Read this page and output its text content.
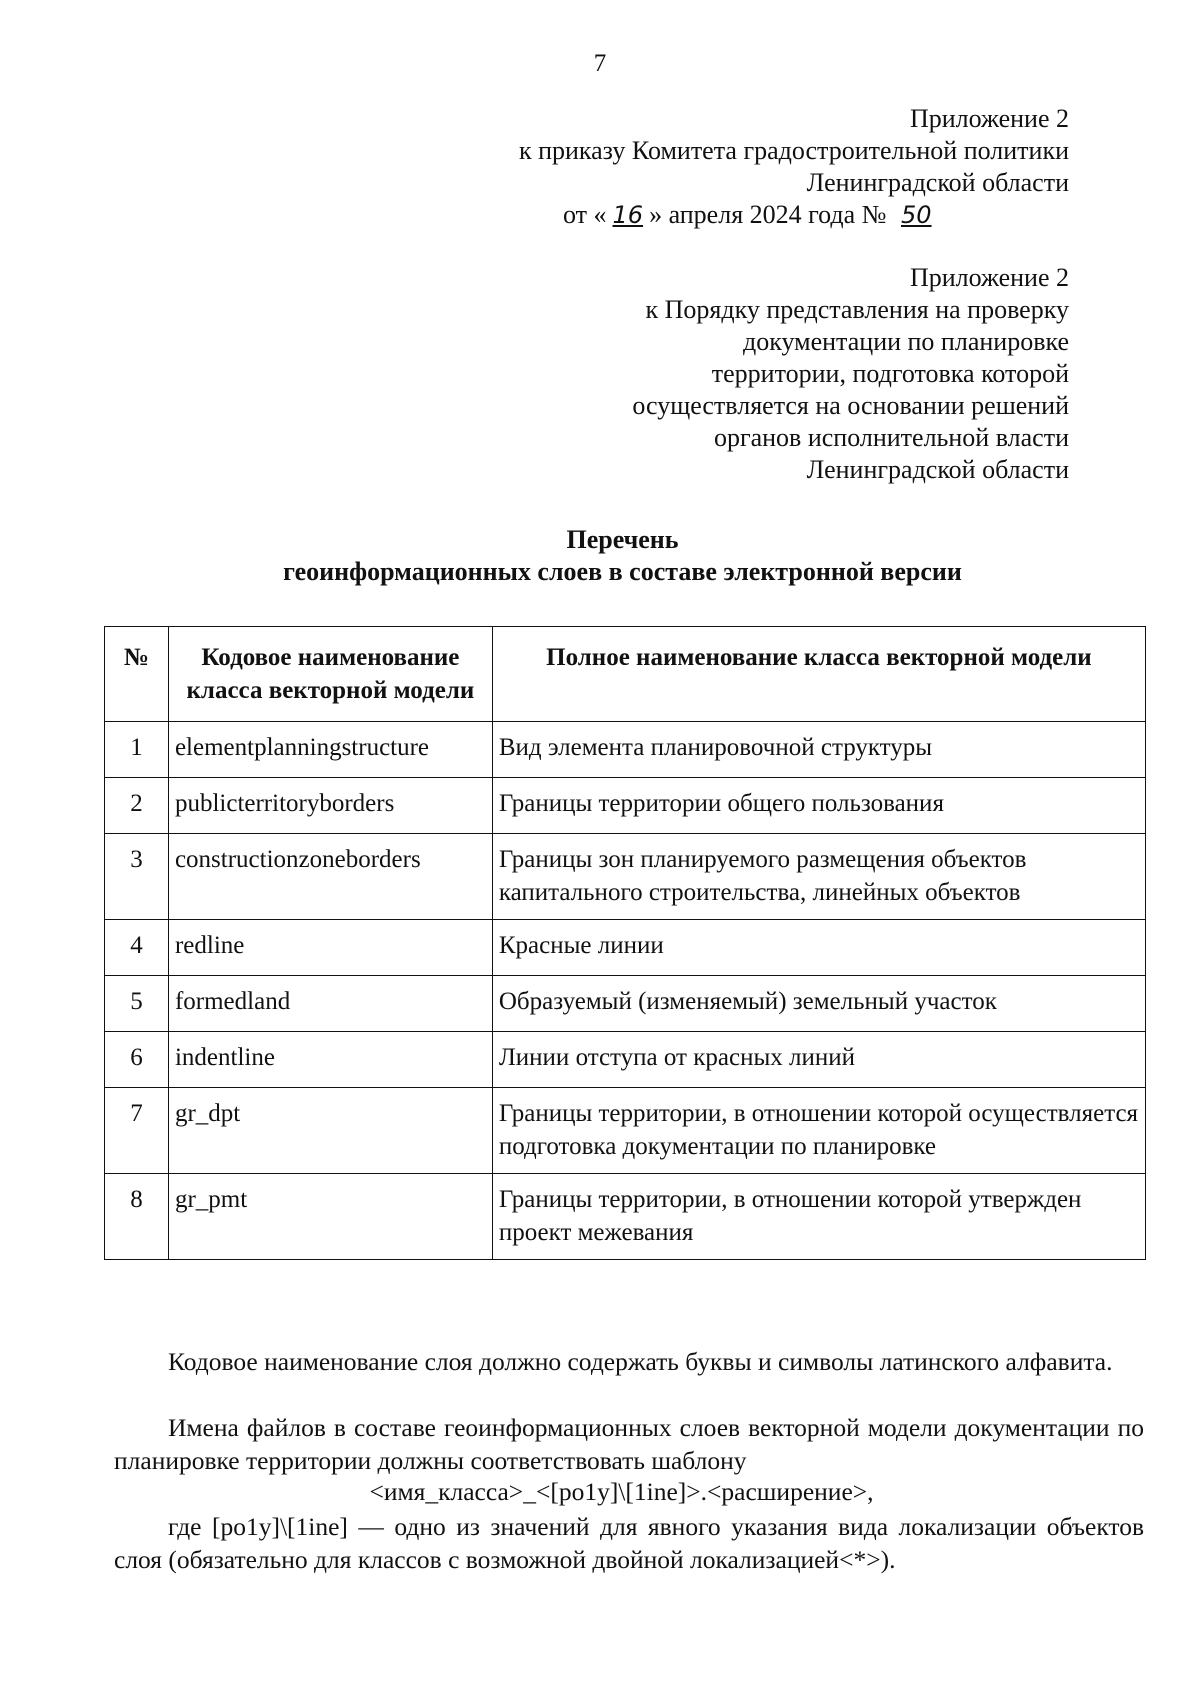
7
Приложение 2
к приказу Комитета градостроительной политики
Ленинградской области
от « 16 » апреля 2024 года № 50
Приложение 2
к Порядку представления на проверку
документации по планировке
территории, подготовка которой
осуществляется на основании решений
органов исполнительной власти
Ленинградской области
Перечень
геоинформационных слоев в составе электронной версии
№	Кодовое наименование класса векторной модели	Полное наименование класса векторной модели
1	elementplanningstructure	Вид элемента планировочной структуры
2	publicterritoryborders	Границы территории общего пользования
3	constructionzoneborders	Границы зон планируемого размещения объектов капитального строительства, линейных объектов
4	redline	Красные линии
5	formedland	Образуемый (изменяемый) земельный участок
6	indentline	Линии отступа от красных линий
7	gr_dpt	Границы территории, в отношении которой осуществляется подготовка документации по планировке
8	gr_pmt	Границы территории, в отношении которой утвержден проект межевания
Кодовое наименование слоя должно содержать буквы и символы латинского алфавита.
Имена файлов в составе геоинформационных слоев векторной модели документации по планировке территории должны соответствовать шаблону
<имя_класса>_<[po1y]\[1ine]>.<расширение>,
где [po1y]\[1ine] — одно из значений для явного указания вида локализации объектов слоя (обязательно для классов с возможной двойной локализацией<*>).
